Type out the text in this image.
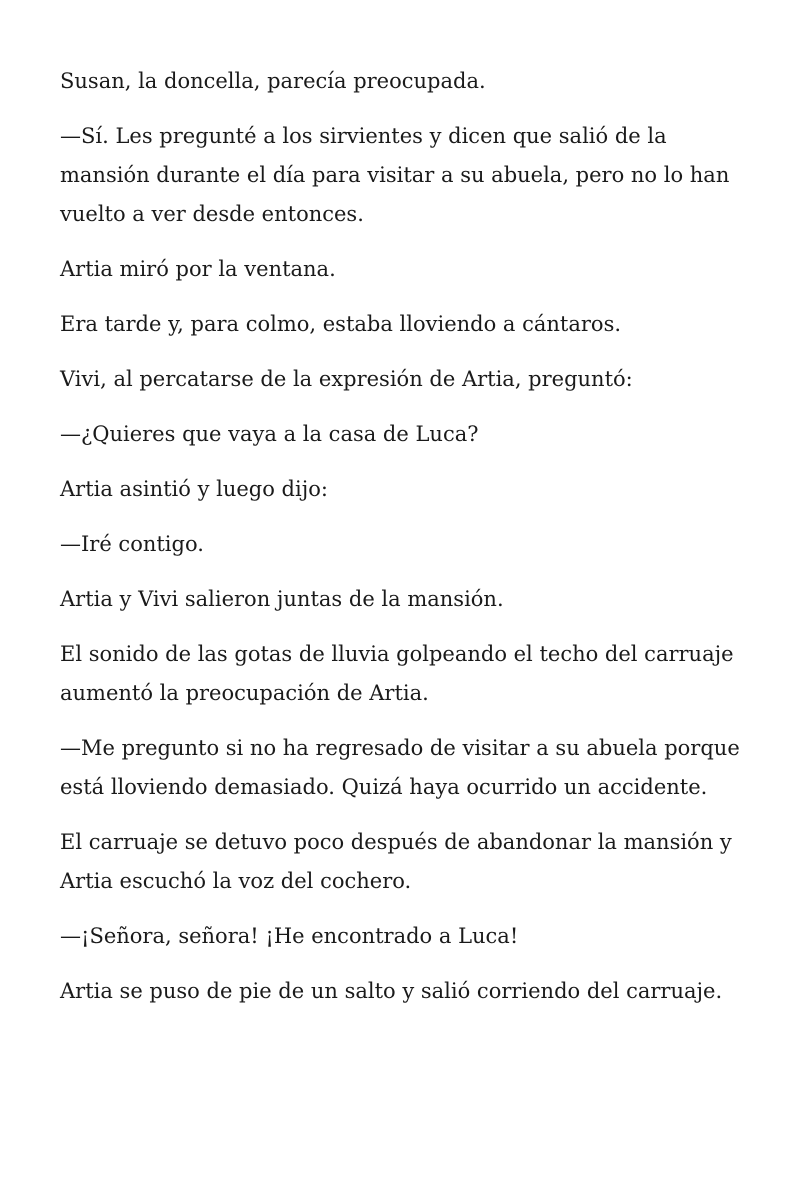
Susan, la doncella, parecía preocupada.

—Sí. Les pregunté a los sirvientes y dicen que salió de la mansión durante el día para visitar a su abuela, pero no lo han vuelto a ver desde entonces.

Artia miró por la ventana.

Era tarde y, para colmo, estaba lloviendo a cántaros.

Vivi, al percatarse de la expresión de Artia, preguntó:

—¿Quieres que vaya a la casa de Luca?

Artia asintió y luego dijo:

—Iré contigo.

Artia y Vivi salieron juntas de la mansión.

El sonido de las gotas de lluvia golpeando el techo del carruaje aumentó la preocupación de Artia.

—Me pregunto si no ha regresado de visitar a su abuela porque está lloviendo demasiado. Quizá haya ocurrido un accidente.

El carruaje se detuvo poco después de abandonar la mansión y Artia escuchó la voz del cochero.

—¡Señora, señora! ¡He encontrado a Luca!

Artia se puso de pie de un salto y salió corriendo del carruaje.
